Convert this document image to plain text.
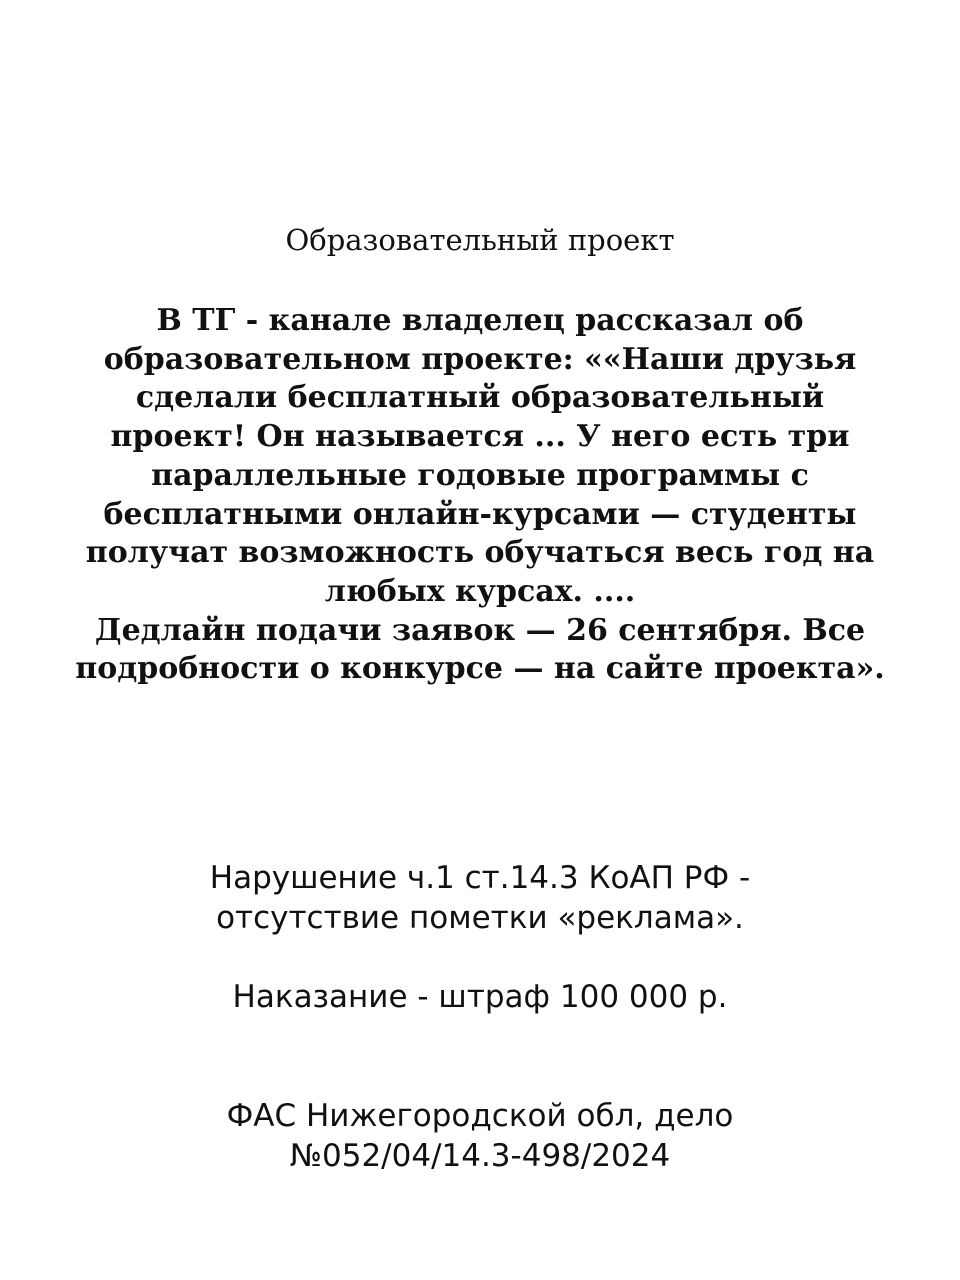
Образовательный проект
В ТГ - канале владелец рассказал об
образовательном проекте: ««Наши друзья
сделали бесплатный образовательный
проект! Он называется ... У него есть три
параллельные годовые программы с
бесплатными онлайн-курсами — студенты
получат возможность обучаться весь год на
любых курсах. ....
Дедлайн подачи заявок — 26 сентября. Все
подробности о конкурсе — на сайте проекта».
Нарушение ч.1 ст.14.3 КоАП РФ -
отсутствие пометки «реклама».
Наказание - штраф 100 000 р.
ФАС Нижегородской обл, дело
№052/04/14.3-498/2024
